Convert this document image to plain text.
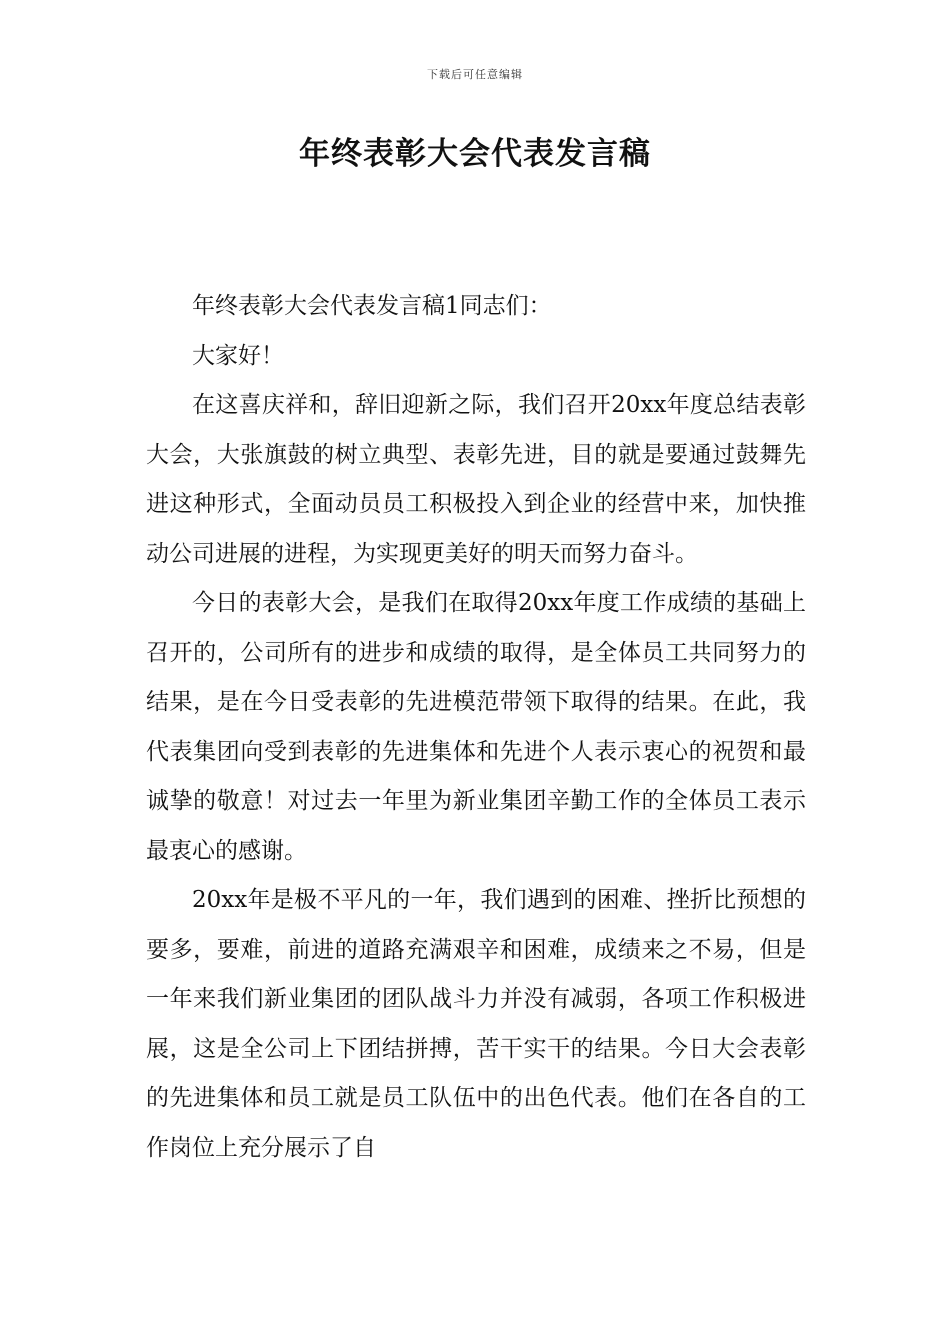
下载后可任意编辑
年终表彰大会代表发言稿

年终表彰大会代表发言稿1同志们：

大家好！

在这喜庆祥和，辞旧迎新之际，我们召开20xx年度总结表彰大会，大张旗鼓的树立典型、表彰先进，目的就是要通过鼓舞先进这种形式，全面动员员工积极投入到企业的经营中来，加快推动公司进展的进程，为实现更美好的明天而努力奋斗。

今日的表彰大会，是我们在取得20xx年度工作成绩的基础上召开的，公司所有的进步和成绩的取得，是全体员工共同努力的结果，是在今日受表彰的先进模范带领下取得的结果。在此，我代表集团向受到表彰的先进集体和先进个人表示衷心的祝贺和最诚挚的敬意！对过去一年里为新业集团辛勤工作的全体员工表示最衷心的感谢。

20xx年是极不平凡的一年，我们遇到的困难、挫折比预想的要多，要难，前进的道路充满艰辛和困难，成绩来之不易，但是一年来我们新业集团的团队战斗力并没有减弱，各项工作积极进展，这是全公司上下团结拼搏，苦干实干的结果。今日大会表彰的先进集体和员工就是员工队伍中的出色代表。他们在各自的工作岗位上充分展示了自
